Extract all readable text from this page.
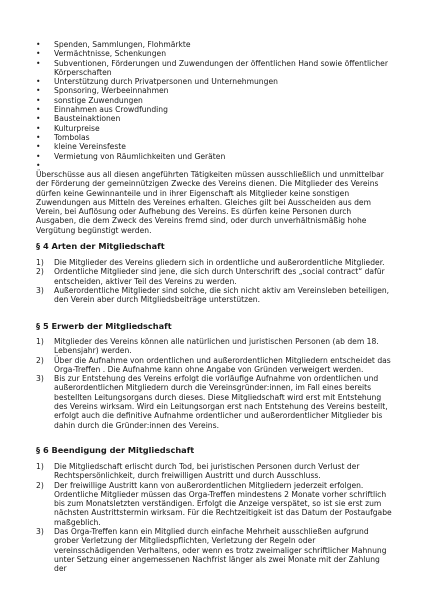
• Spenden, Sammlungen, Flohmärkte
• Vermächtnisse, Schenkungen
• Subventionen, Förderungen und Zuwendungen der öffentlichen Hand sowie öffentlicher Körperschaften
• Unterstützung durch Privatpersonen und Unternehmungen
• Sponsoring, Werbeeinnahmen
• sonstige Zuwendungen
• Einnahmen aus Crowdfunding
• Bausteinaktionen
• Kulturpreise
• Tombolas
• kleine Vereinsfeste
• Vermietung von Räumlichkeiten und Geräten
•

Überschüsse aus all diesen angeführten Tätigkeiten müssen ausschließlich und unmittelbar der Förderung der gemeinnützigen Zwecke des Vereins dienen. Die Mitglieder des Vereins dürfen keine Gewinnanteile und in ihrer Eigenschaft als Mitglieder keine sonstigen Zuwendungen aus Mitteln des Vereines erhalten. Gleiches gilt bei Ausscheiden aus dem Verein, bei Auflösung oder Aufhebung des Vereins. Es dürfen keine Personen durch Ausgaben, die dem Zweck des Vereins fremd sind, oder durch unverhältnismäßig hohe Vergütung begünstigt werden.

§ 4 Arten der Mitgliedschaft
1) Die Mitglieder des Vereins gliedern sich in ordentliche und außerordentliche Mitglieder.
2) Ordentliche Mitglieder sind jene, die sich durch Unterschrift des „social contract“ dafür entscheiden, aktiver Teil des Vereins zu werden.
3) Außerordentliche Mitglieder sind solche, die sich nicht aktiv am Vereinsleben beteiligen, den Verein aber durch Mitgliedsbeiträge unterstützen.
§ 5 Erwerb der Mitgliedschaft
1) Mitglieder des Vereins können alle natürlichen und juristischen Personen (ab dem 18. Lebensjahr) werden.
2) Über die Aufnahme von ordentlichen und außerordentlichen Mitgliedern entscheidet das Orga-Treffen . Die Aufnahme kann ohne Angabe von Gründen verweigert werden.
3) Bis zur Entstehung des Vereins erfolgt die vorläufige Aufnahme von ordentlichen und außerordentlichen Mitgliedern durch die Vereinsgründer:innen, im Fall eines bereits bestellten Leitungsorgans durch dieses. Diese Mitgliedschaft wird erst mit Entstehung des Vereins wirksam. Wird ein Leitungsorgan erst nach Entstehung des Vereins bestellt, erfolgt auch die definitive Aufnahme ordentlicher und außerordentlicher Mitglieder bis dahin durch die Gründer:innen des Vereins.
§ 6 Beendigung der Mitgliedschaft
1) Die Mitgliedschaft erlischt durch Tod, bei juristischen Personen durch Verlust der Rechtspersönlichkeit, durch freiwilligen Austritt und durch Ausschluss.
2) Der freiwillige Austritt kann von außerordentlichen Mitgliedern jederzeit erfolgen. Ordentliche Mitglieder müssen das Orga-Treffen mindestens 2 Monate vorher schriftlich bis zum Monatsletzten verständigen. Erfolgt die Anzeige verspätet, so ist sie erst zum nächsten Austrittstermin wirksam. Für die Rechtzeitigkeit ist das Datum der Postaufgabe maßgeblich.
3) Das Orga-Treffen kann ein Mitglied durch einfache Mehrheit ausschließen aufgrund grober Verletzung der Mitgliedspflichten, Verletzung der Regeln oder vereinsschädigenden Verhaltens, oder wenn es trotz zweimaliger schriftlicher Mahnung unter Setzung einer angemessenen Nachfrist länger als zwei Monate mit der Zahlung der
